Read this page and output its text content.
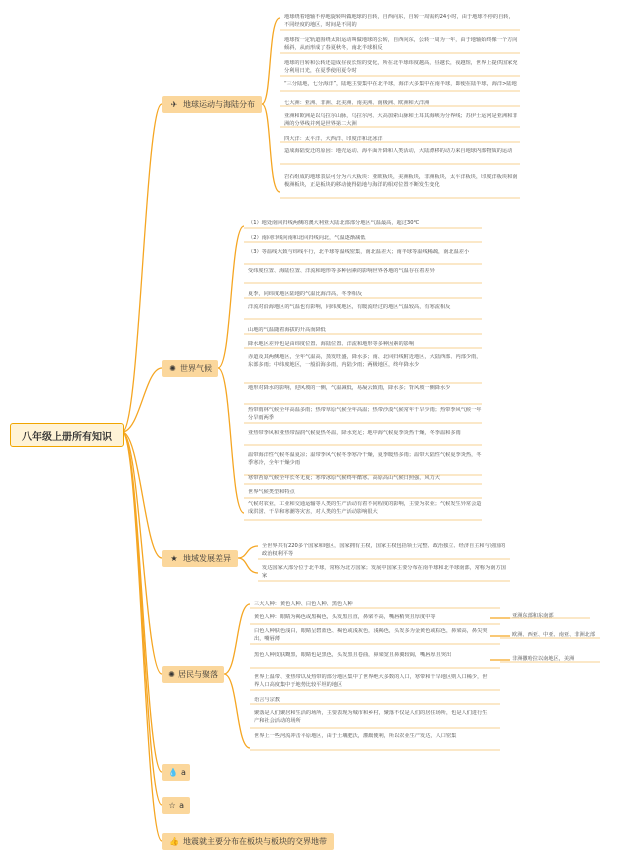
八年级上册所有知识
✈ 地球运动与海陆分布
✺ 世界气候
★ 地域发展差异
✺ 居民与聚落
💧 a
☆ a
👍 地震就主要分布在板块与板块的交界地带
地球绕着地轴不停地旋转叫做地球的自转，自西向东，自转一周需约24小时，由于地球不停的自转，不同经度的地区，时间是不同的
地球按一定轨道围绕太阳运动叫做地球的公转，自西向东，公转一周为一年，由于地轴始终像一个方向倾斜，从而形成了春夏秋冬，南北半球相反
地球的自转和公转还造成昼夜长短的变化，所在北半球纬度越高，昼越长，夜越短，世界上提供国家充分利用日光，在夏季使用夏令时
“三分陆地，七分海洋”，陆地主要集中在北半球，海洋大多集中在南半球，即使在陆半球，海洋>陆地
七大洲：亚洲、非洲、北美洲、南美洲、南极洲、欧洲和大洋洲
亚洲和欧洲是以乌拉尔山脉，乌拉尔河、大高加索山脉和土耳其海峡为分界线；苏伊士运河是亚洲和非洲的分界线并列是世界第二大洲
四大洋：太平洋、大西洋、印度洋和北冰洋
造成海陆变迁的原因：地壳运动、海平面升降和人类活动，大陆漂移的动力来自地球内部物质的运动
岩石组成的地球表层可分为六大板块：亚欧板块，美洲板块，非洲板块，太平洋板块，印度洋板块和南极洲板块，正是板块的移动使得陆地与海洋的相对位置不断发生变化
（1）地处南回归线两侧的澳大利亚大陆北部部分地区气温最高，超过30℃
（2）南回归线向南和北回归线向北，气温逐渐减低
（3）等温线大致与纬线平行，北半球等温线密集，南北温差大；南半球等温线稀疏，南北温差小
受纬度位置、海陆位置、洋流和地形等多种因素的影响世界各地的气温存在着差异
夏季，同纬度地区陆地的气温比海洋高，冬季相反
洋流对沿海地区的气温也有影响，同纬度地区，有暖流经过的地区气温较高，有寒流相反
山地的气温随着海拔的升高而降低
降水地区差异也是由纬度位置、海陆位置、洋流和地形等多种因素的影响
赤道及其两侧地区，全年气温高，蒸发旺盛，降水多；南、北回归线附近地区，大陆西部、内部少雨，东部多雨；中纬度地区，一般沿海多雨，内陆少雨；两极地区，终年降水少
地形对降水的影响，迎风坡的一侧，气温减低，易凝云致雨，降水多；背风坡一侧降水少
热带雨林气候全年高温多雨；热带草原气候全年高温；热带沙漠气候常年干旱少雨；热带季风气候一年分旱雨两季
亚热带季风和亚热带湿润气候夏热冬温，降水充足；地中海气候夏季炎热干燥，冬季温和多雨
温带海洋性气候冬温夏凉；温带季风气候冬季寒冷干燥，夏季暖热多雨；温带大陆性气候夏季炎热，冬季寒冷，全年干燥少雨
寒带苔原气候全年长冬无夏；寒带冰原气候终年酷寒。高原高山气候日照强，风力大
世界气候类型和特点
气候对农业，工业和交通运输等人类的生产活动有着不同程度的影响，主要为农业；气候发生异常会造成洪涝、干旱和寒潮等灾害，对人类的生产活动影响很大
全世界共有220多个国家和地区，国家拥有主权，国家主权包括领土完整、政治独立、经济自主和与别国的政治权利平等
发达国家大部分位于北半球，常称为北方国家；发展中国家主要分布在南半球和北半球南部，常称为南方国家
三大人种：黄色人种、白色人种、黑色人种
黄色人种：眼睛为褐色或黑褐色，头发黑且直，鼻梁不高，嘴唇稍突且厚度中等
白色人种肤色浅白，眼睛呈碧蓝色、褐色或浅灰色，浅褐色，头发多为金黄色或棕色，鼻梁高，鼻尖突出，嘴唇薄
黑色人种皮肤黝黑，眼睛也是黑色，头发黑且卷曲，鼻梁宽且鼻翼较阔，嘴唇厚且突出
世界上温带、亚热带以及热带的部分地区集中了世界绝大多数的人口，寒带和干旱地区则人口稀少，世界人口高度集中于地势比较平坦的地区
语言与宗教
聚落是人们聚居和生活的场所，主要表现为城市和乡村，聚落不仅是人们的居住场所，也是人们进行生产和社会活动的场所
世界上一些河流冲击平原地区，由于土壤肥沃，灌溉便利，所以农业生产发达，人口密集
亚洲东部和东南部
欧洲、西亚、中亚、南亚、非洲北部
非洲撒哈拉以南地区，美洲
